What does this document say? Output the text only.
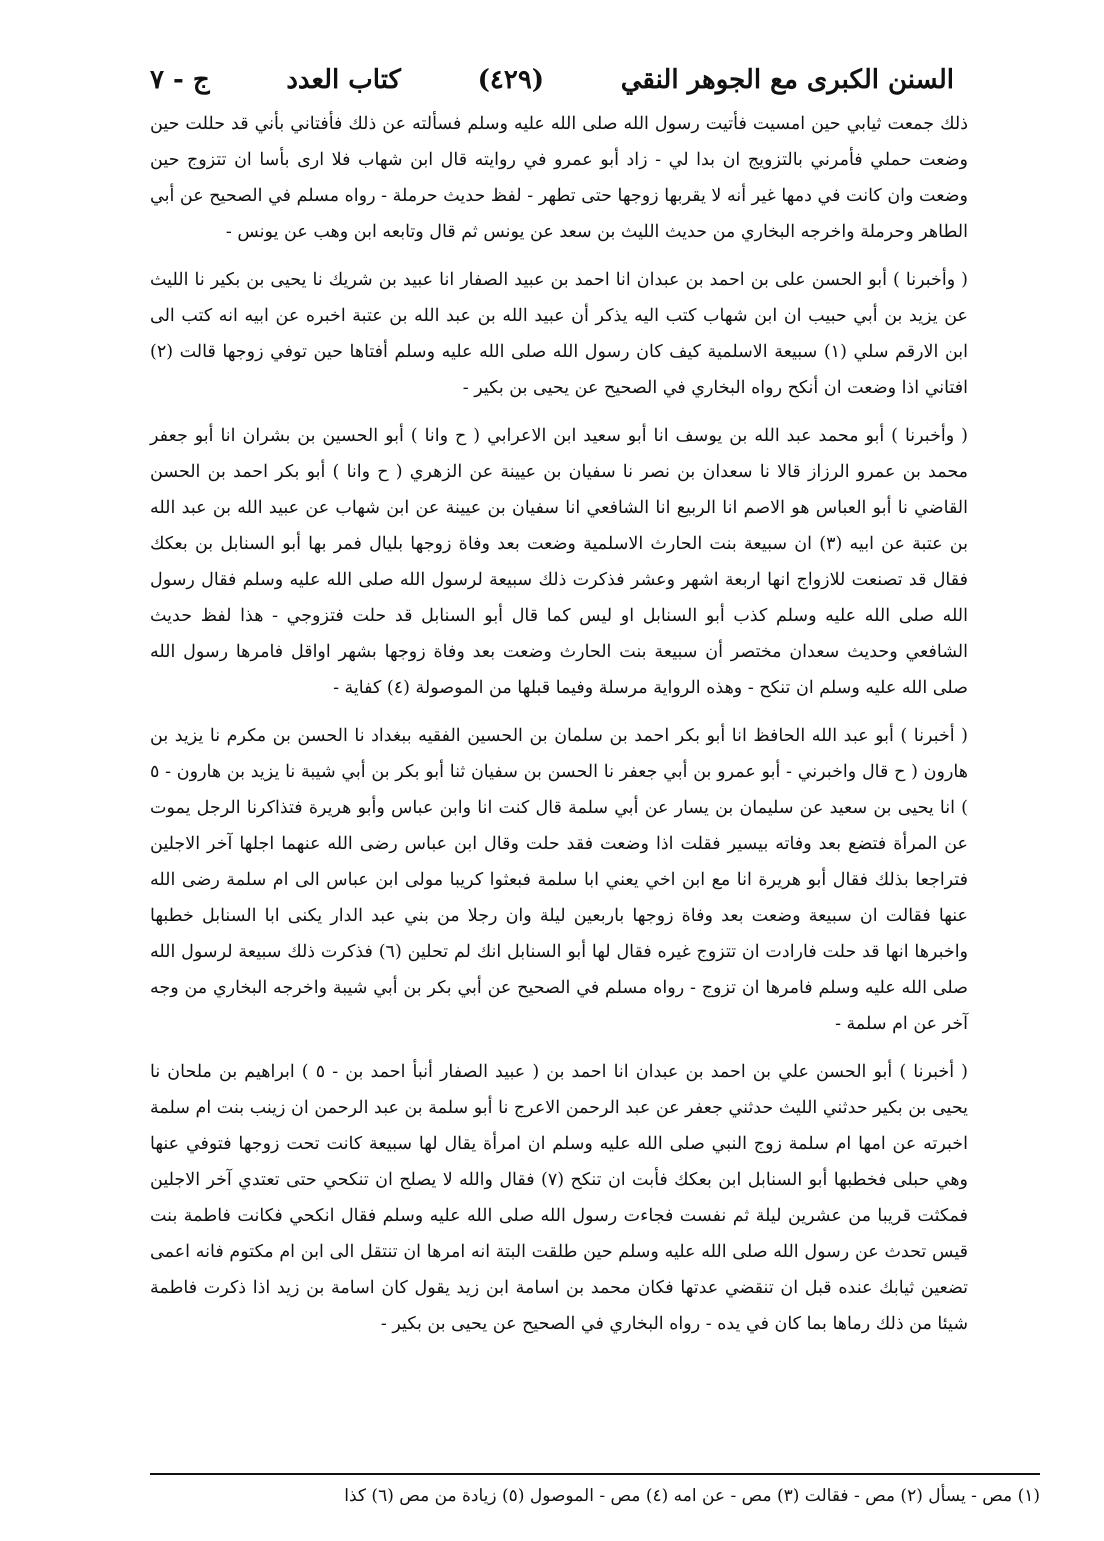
السنن الكبرى مع الجوهر النقي
(٤٢٩)
كتاب العدد
ج - ٧

ذلك جمعت ثيابي حين امسيت فأتيت رسول الله صلى الله عليه وسلم فسألته عن ذلك فأفتاني بأني قد حللت حين وضعت حملي فأمرني بالتزويج ان بدا لي - زاد أبو عمرو في روايته قال ابن شهاب فلا ارى بأسا ان تتزوج حين وضعت وان كانت في دمها غير أنه لا يقربها زوجها حتى تطهر - لفظ حديث حرملة - رواه مسلم في الصحيح عن أبي الطاهر وحرملة واخرجه البخاري من حديث الليث بن سعد عن يونس ثم قال وتابعه ابن وهب عن يونس -

( وأخبرنا ) أبو الحسن على بن احمد بن عبدان انا احمد بن عبيد الصفار انا عبيد بن شريك نا يحيى بن بكير نا الليث عن يزيد بن أبي حبيب ان ابن شهاب كتب اليه يذكر أن عبيد الله بن عبد الله بن عتبة اخبره عن ابيه انه كتب الى ابن الارقم سلي (١) سبيعة الاسلمية كيف كان رسول الله صلى الله عليه وسلم أفتاها حين توفي زوجها قالت (٢) افتاني اذا وضعت ان أنكح رواه البخاري في الصحيح عن يحيى بن بكير -

( وأخبرنا ) أبو محمد عبد الله بن يوسف انا أبو سعيد ابن الاعرابي ( ح وانا ) أبو الحسين بن بشران انا أبو جعفر محمد بن عمرو الرزاز قالا نا سعدان بن نصر نا سفيان بن عيينة عن الزهري ( ح وانا ) أبو بكر احمد بن الحسن القاضي نا أبو العباس هو الاصم انا الربيع انا الشافعي انا سفيان بن عيينة عن ابن شهاب عن عبيد الله بن عبد الله بن عتبة عن ابيه (٣) ان سبيعة بنت الحارث الاسلمية وضعت بعد وفاة زوجها بليال فمر بها أبو السنابل بن بعكك فقال قد تصنعت للازواج انها اربعة اشهر وعشر فذكرت ذلك سبيعة لرسول الله صلى الله عليه وسلم فقال رسول الله صلى الله عليه وسلم كذب أبو السنابل او ليس كما قال أبو السنابل قد حلت فتزوجي - هذا لفظ حديث الشافعي وحديث سعدان مختصر أن سبيعة بنت الحارث وضعت بعد وفاة زوجها بشهر اواقل فامرها رسول الله صلى الله عليه وسلم ان تنكح - وهذه الرواية مرسلة وفيما قبلها من الموصولة (٤) كفاية -

( أخبرنا ) أبو عبد الله الحافظ انا أبو بكر احمد بن سلمان بن الحسين الفقيه ببغداد نا الحسن بن مكرم نا يزيد بن هارون ( ح قال واخبرني - أبو عمرو بن أبي جعفر نا الحسن بن سفيان ثنا أبو بكر بن أبي شيبة نا يزيد بن هارون - ٥ ) انا يحيى بن سعيد عن سليمان بن يسار عن أبي سلمة قال كنت انا وابن عباس وأبو هريرة فتذاكرنا الرجل يموت عن المرأة فتضع بعد وفاته بيسير فقلت اذا وضعت فقد حلت وقال ابن عباس رضى الله عنهما اجلها آخر الاجلين فتراجعا بذلك فقال أبو هريرة انا مع ابن اخي يعني ابا سلمة فبعثوا كريبا مولى ابن عباس الى ام سلمة رضى الله عنها فقالت ان سبيعة وضعت بعد وفاة زوجها باربعين ليلة وان رجلا من بني عبد الدار يكنى ابا السنابل خطبها واخبرها انها قد حلت فارادت ان تتزوج غيره فقال لها أبو السنابل انك لم تحلين (٦) فذكرت ذلك سبيعة لرسول الله صلى الله عليه وسلم فامرها ان تزوج - رواه مسلم في الصحيح عن أبي بكر بن أبي شيبة واخرجه البخاري من وجه آخر عن ام سلمة -

( أخبرنا ) أبو الحسن علي بن احمد بن عبدان انا احمد بن ( عبيد الصفار أنبأ احمد بن - ٥ ) ابراهيم بن ملحان نا يحيى بن بكير حدثني الليث حدثني جعفر عن عبد الرحمن الاعرج نا أبو سلمة بن عبد الرحمن ان زينب بنت ام سلمة اخبرته عن امها ام سلمة زوج النبي صلى الله عليه وسلم ان امرأة يقال لها سبيعة كانت تحت زوجها فتوفي عنها وهي حبلى فخطبها أبو السنابل ابن بعكك فأبت ان تنكح (٧) فقال والله لا يصلح ان تنكحي حتى تعتدي آخر الاجلين فمكثت قريبا من عشرين ليلة ثم نفست فجاءت رسول الله صلى الله عليه وسلم فقال انكحي فكانت فاطمة بنت قيس تحدث عن رسول الله صلى الله عليه وسلم حين طلقت البتة انه امرها ان تنتقل الى ابن ام مكتوم فانه اعمى تضعين ثيابك عنده قبل ان تنقضي عدتها فكان محمد بن اسامة ابن زيد يقول كان اسامة بن زيد اذا ذكرت فاطمة شيئا من ذلك رماها بما كان في يده - رواه البخاري في الصحيح عن يحيى بن بكير -

(١) مص - يسأل (٢) مص - فقالت (٣) مص - عن امه (٤) مص - الموصول (٥) زيادة من مص (٦) كذا
